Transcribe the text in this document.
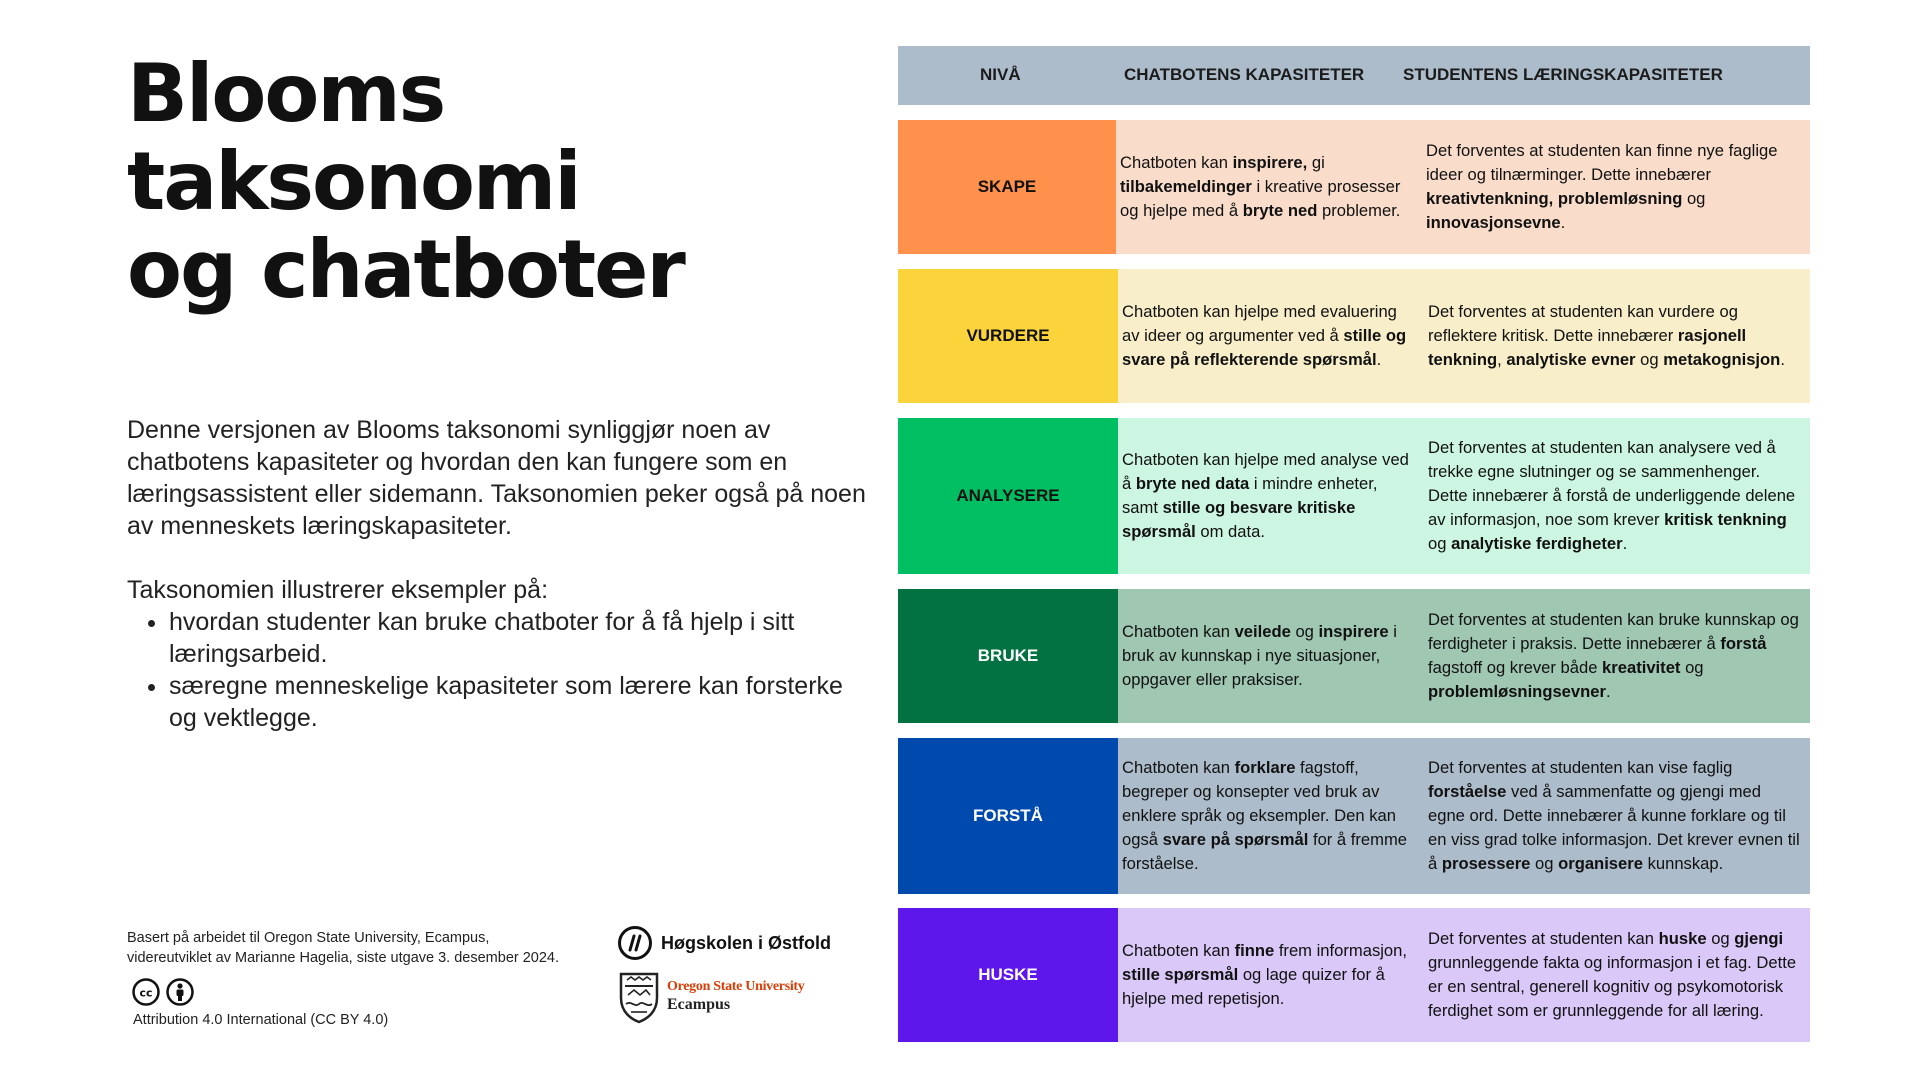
Blooms
taksonomi
og chatboter

Denne versjonen av Blooms taksonomi synliggjør noen av chatbotens kapasiteter og hvordan den kan fungere som en læringsassistent eller sidemann. Taksonomien peker også på noen av menneskets læringskapasiteter.

Taksonomien illustrerer eksempler på:

• hvordan studenter kan bruke chatboter for å få hjelp i sitt læringsarbeid.
• særegne menneskelige kapasiteter som lærere kan forsterke og vektlegge.
Basert på arbeidet til Oregon State University, Ecampus,
videreutviklet av Marianne Hagelia, siste utgave 3. desember 2024.
cc
Attribution 4.0 International (CC BY 4.0)
Høgskolen i Østfold
Oregon State University
Ecampus
NIVÅ	CHATBOTENS KAPASITETER STUDENTENS LÆRINGSKAPASITETER
SKAPE
Chatboten kan inspirere, gi tilbakemeldinger i kreative prosesser og hjelpe med å bryte ned problemer.
Det forventes at studenten kan finne nye faglige ideer og tilnærminger. Dette innebærer kreativtenkning, problemløsning og innovasjonsevne.
VURDERE
Chatboten kan hjelpe med evaluering av ideer og argumenter ved å stille og svare på reflekterende spørsmål.
Det forventes at studenten kan vurdere og reflektere kritisk. Dette innebærer rasjonell tenkning, analytiske evner og metakognisjon.
ANALYSERE
Chatboten kan hjelpe med analyse ved å bryte ned data i mindre enheter, samt stille og besvare kritiske spørsmål om data.
Det forventes at studenten kan analysere ved å trekke egne slutninger og se sammenhenger. Dette innebærer å forstå de underliggende delene av informasjon, noe som krever kritisk tenkning og analytiske ferdigheter.
BRUKE
Chatboten kan veilede og inspirere i bruk av kunnskap i nye situasjoner, oppgaver eller praksiser.
Det forventes at studenten kan bruke kunnskap og ferdigheter i praksis. Dette innebærer å forstå fagstoff og krever både kreativitet og problemløsningsevner.
FORSTÅ
Chatboten kan forklare fagstoff, begreper og konsepter ved bruk av enklere språk og eksempler. Den kan også svare på spørsmål for å fremme forståelse.
Det forventes at studenten kan vise faglig forståelse ved å sammenfatte og gjengi med egne ord. Dette innebærer å kunne forklare og til en viss grad tolke informasjon. Det krever evnen til å prosessere og organisere kunnskap.
HUSKE
Chatboten kan finne frem informasjon, stille spørsmål og lage quizer for å hjelpe med repetisjon.
Det forventes at studenten kan huske og gjengi grunnleggende fakta og informasjon i et fag. Dette er en sentral, generell kognitiv og psykomotorisk ferdighet som er grunnleggende for all læring.
